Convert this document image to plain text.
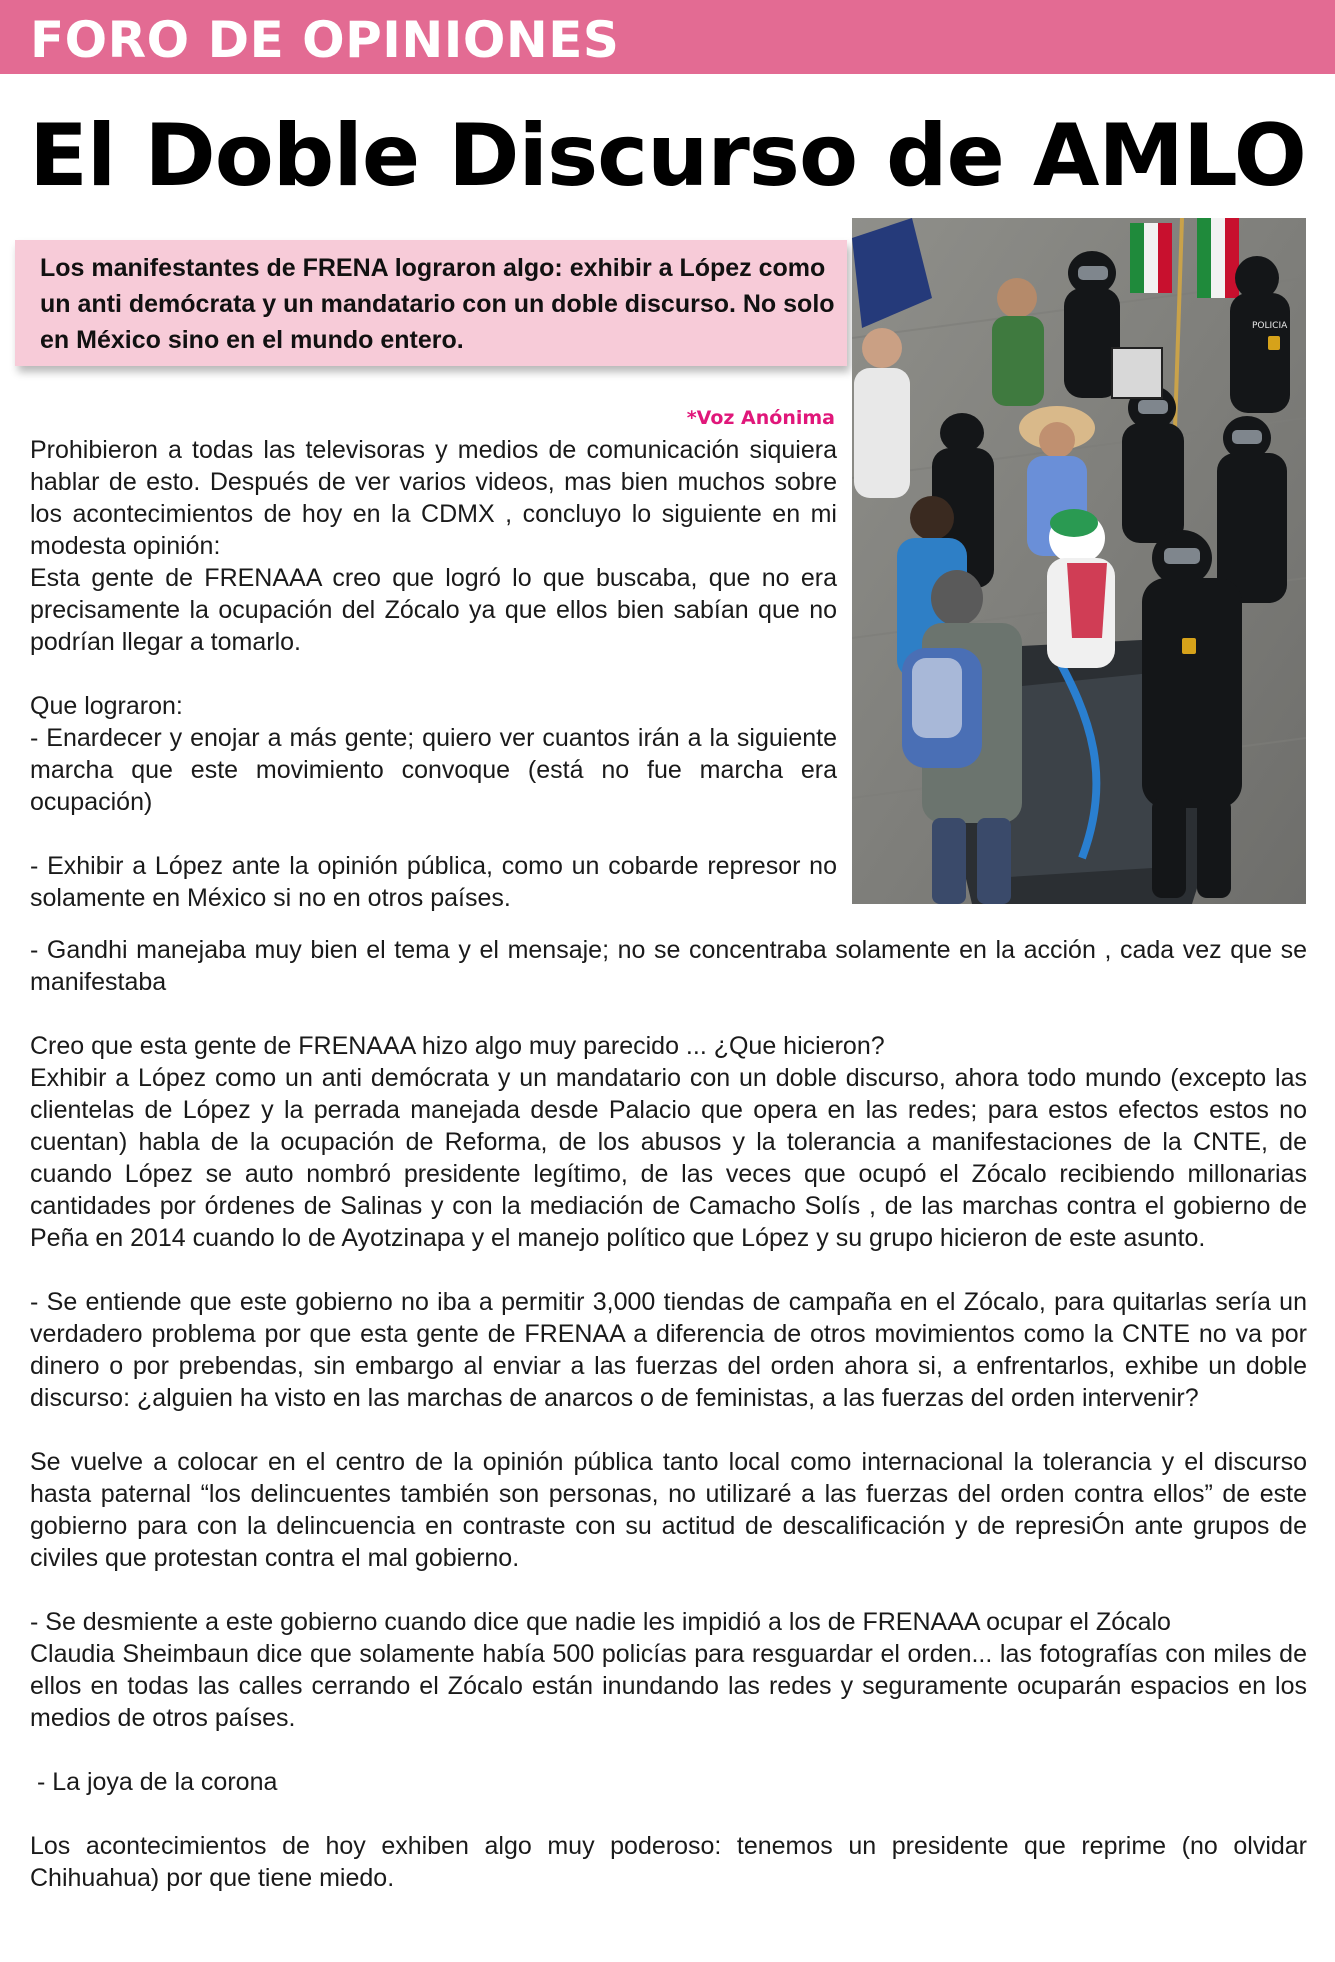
FORO DE OPINIONES
El Doble Discurso de AMLO
Los manifestantes de FRENA lograron algo: exhibir a López como un anti demócrata y un mandatario con un doble discurso. No solo en México sino en el mundo entero.
*Voz Anónima

Prohibieron a todas las televisoras y medios de comunicación siquiera hablar de esto. Después de ver varios videos, mas bien muchos sobre los acontecimientos de hoy en la CDMX , concluyo lo siguiente en mi modesta opinión:

Esta gente de FRENAAA creo que logró lo que buscaba, que no era precisamente la ocupación del Zócalo ya que ellos bien sabían que no podrían llegar a tomarlo.

Que lograron:

- Enardecer y enojar a más gente; quiero ver cuantos irán a la siguiente marcha que este movimiento convoque (está no fue marcha era ocupación)

- Exhibir a López ante la opinión pública, como un cobarde represor no solamente en México si no en otros países.

POLICIA

- Gandhi manejaba muy bien el tema y el mensaje; no se concentraba solamente en la acción , cada vez que se manifestaba

Creo que esta gente de FRENAAA hizo algo muy parecido ... ¿Que hicieron?

Exhibir a López como un anti demócrata y un mandatario con un doble discurso, ahora todo mundo (excepto las clientelas de López y la perrada manejada desde Palacio que opera en las redes; para estos efectos estos no cuentan) habla de la ocupación de Reforma, de los abusos y la tolerancia a manifestaciones de la CNTE, de cuando López se auto nombró presidente legítimo, de las veces que ocupó el Zócalo recibiendo millonarias cantidades por órdenes de Salinas y con la mediación de Camacho Solís , de las marchas contra el gobierno de Peña en 2014 cuando lo de Ayotzinapa y el manejo político que López y su grupo hicieron de este asunto.

- Se entiende que este gobierno no iba a permitir 3,000 tiendas de campaña en el Zócalo, para quitarlas sería un verdadero problema por que esta gente de FRENAA a diferencia de otros movimientos como la CNTE no va por dinero o por prebendas, sin embargo al enviar a las fuerzas del orden ahora si, a enfrentarlos, exhibe un doble discurso: ¿alguien ha visto en las marchas de anarcos o de feministas, a las fuerzas del orden intervenir?

Se vuelve a colocar en el centro de la opinión pública tanto local como internacional la tolerancia y el discurso hasta paternal “los delincuentes también son personas, no utilizaré a las fuerzas del orden contra ellos” de este gobierno para con la delincuencia en contraste con su actitud de descalificación y de represiÓn ante grupos de civiles que protestan contra el mal gobierno.

- Se desmiente a este gobierno cuando dice que nadie les impidió a los de FRENAAA ocupar el Zócalo

Claudia Sheimbaun dice que solamente había 500 policías para resguardar el orden... las fotografías con miles de ellos en todas las calles cerrando el Zócalo están inundando las redes y seguramente ocuparán espacios en los medios de otros países.

- La joya de la corona

Los acontecimientos de hoy exhiben algo muy poderoso: tenemos un presidente que reprime (no olvidar Chihuahua) por que tiene miedo.
